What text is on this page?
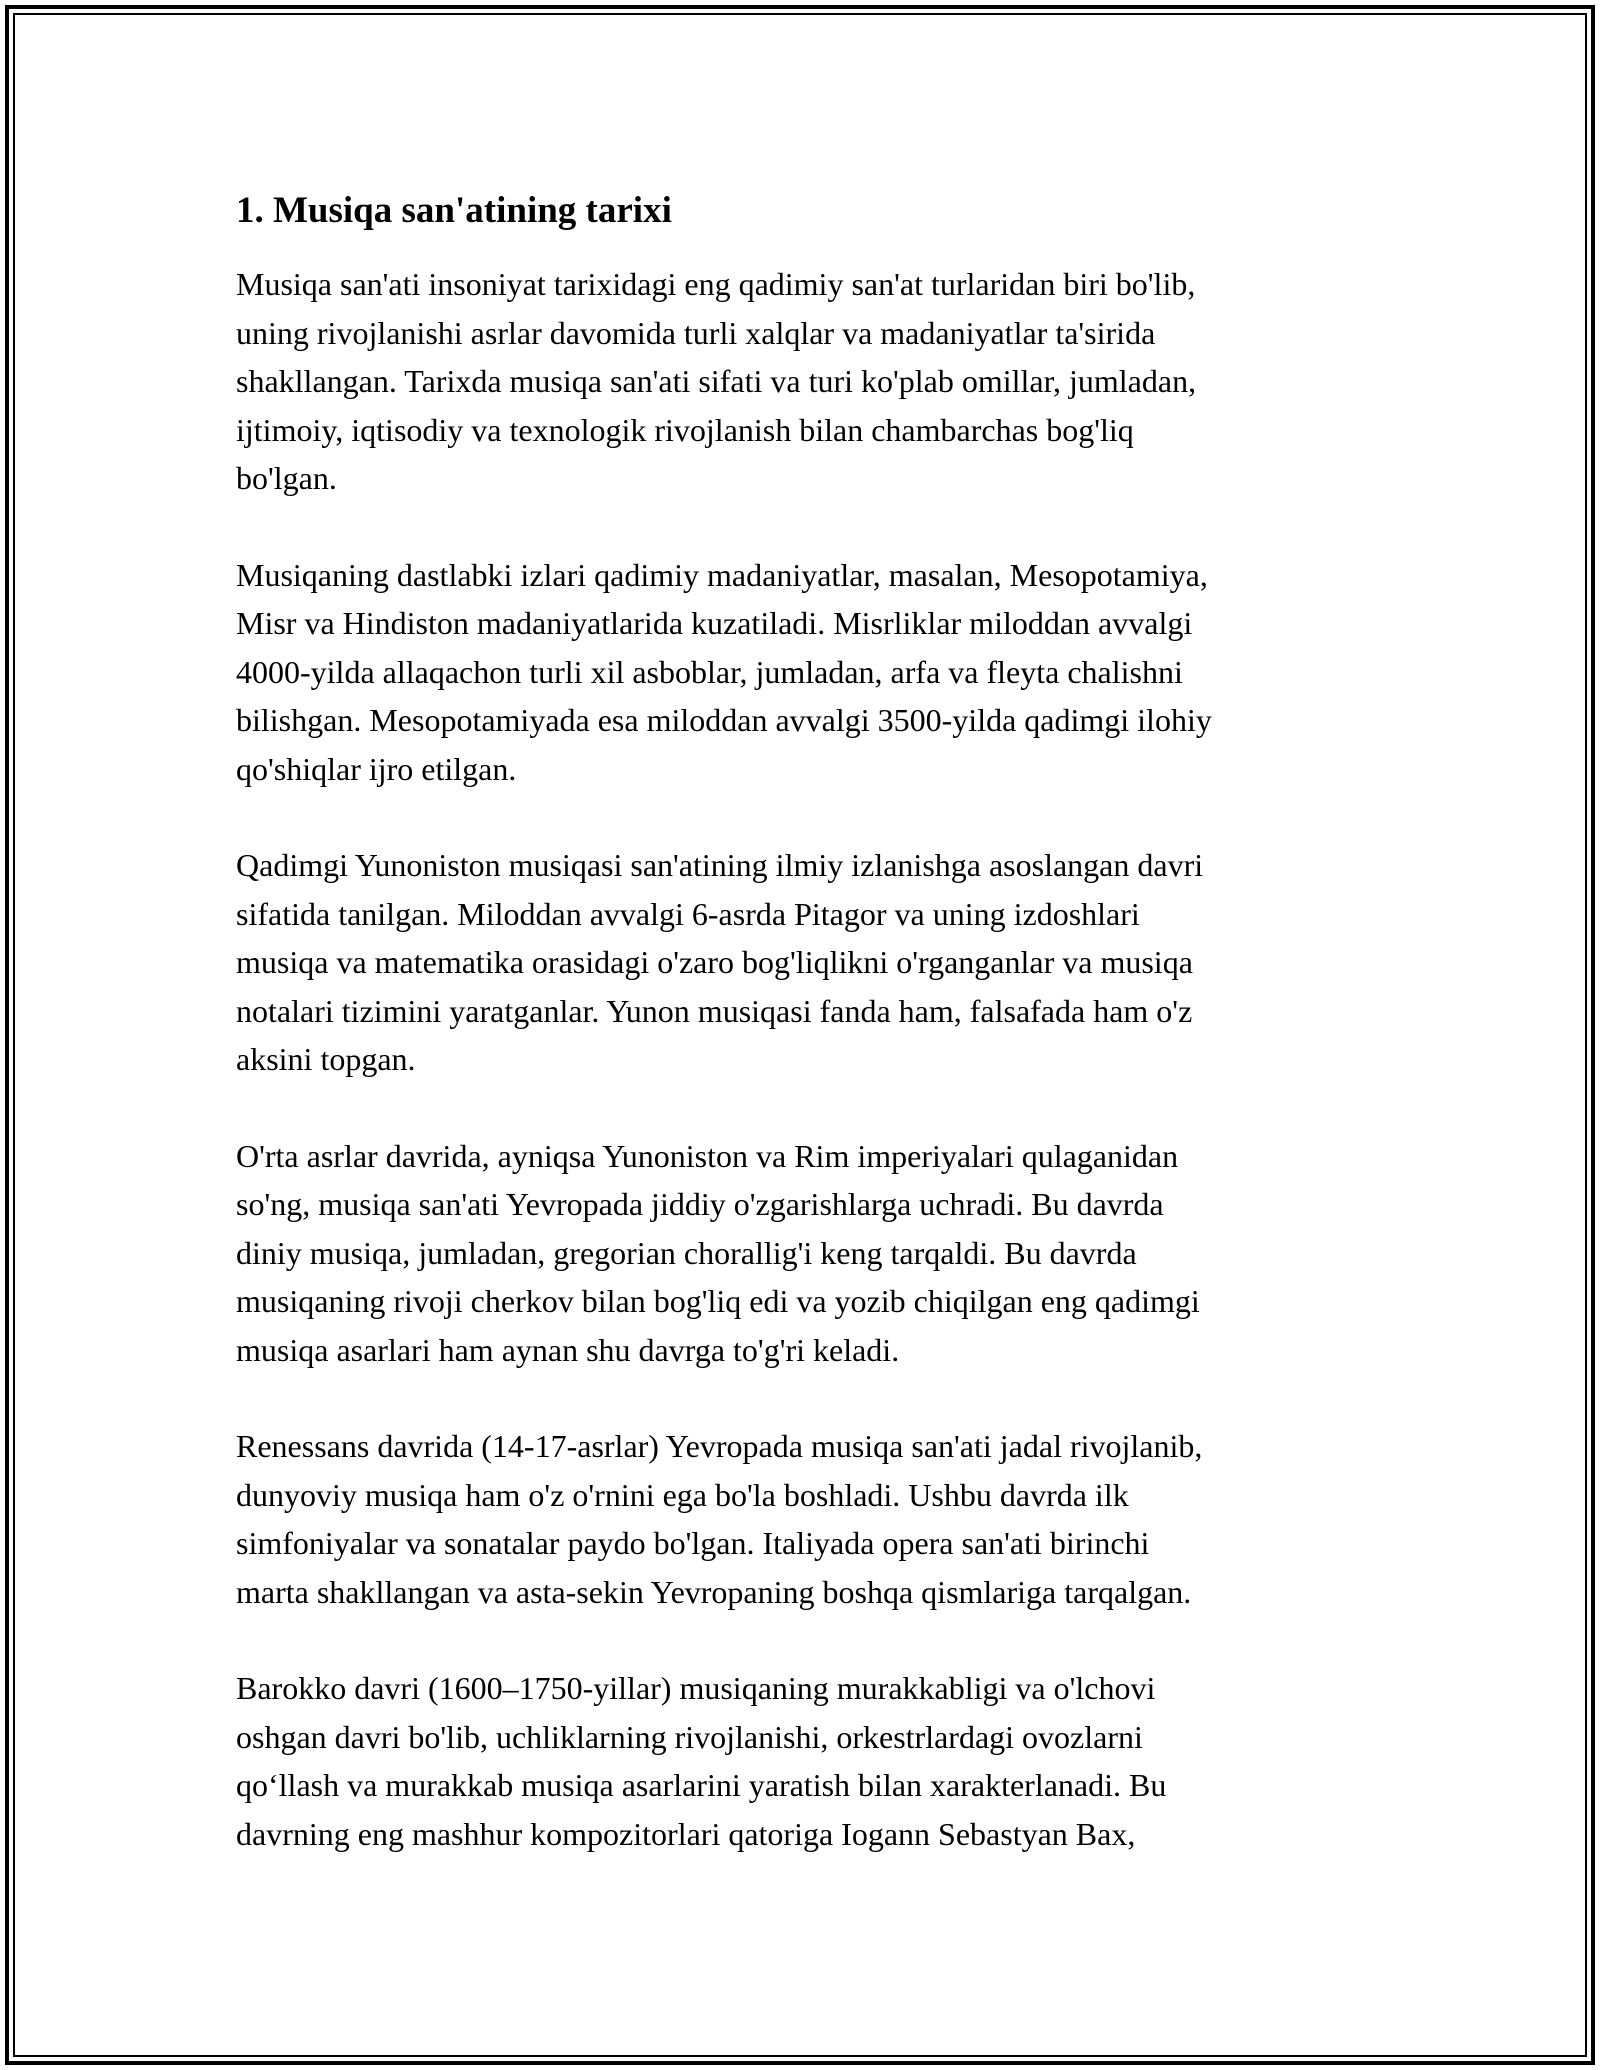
1. Musiqa san'atining tarixi
Musiqa san'ati insoniyat tarixidagi eng qadimiy san'at turlaridan biri bo'lib,
uning rivojlanishi asrlar davomida turli xalqlar va madaniyatlar ta'sirida
shakllangan. Tarixda musiqa san'ati sifati va turi ko'plab omillar, jumladan,
ijtimoiy, iqtisodiy va texnologik rivojlanish bilan chambarchas bog'liq
bo'lgan.
Musiqaning dastlabki izlari qadimiy madaniyatlar, masalan, Mesopotamiya,
Misr va Hindiston madaniyatlarida kuzatiladi. Misrliklar miloddan avvalgi
4000-yilda allaqachon turli xil asboblar, jumladan, arfa va fleyta chalishni
bilishgan. Mesopotamiyada esa miloddan avvalgi 3500-yilda qadimgi ilohiy
qo'shiqlar ijro etilgan.
Qadimgi Yunoniston musiqasi san'atining ilmiy izlanishga asoslangan davri
sifatida tanilgan. Miloddan avvalgi 6-asrda Pitagor va uning izdoshlari
musiqa va matematika orasidagi o'zaro bog'liqlikni o'rganganlar va musiqa
notalari tizimini yaratganlar. Yunon musiqasi fanda ham, falsafada ham o'z
aksini topgan.
O'rta asrlar davrida, ayniqsa Yunoniston va Rim imperiyalari qulaganidan
so'ng, musiqa san'ati Yevropada jiddiy o'zgarishlarga uchradi. Bu davrda
diniy musiqa, jumladan, gregorian chorallig'i keng tarqaldi. Bu davrda
musiqaning rivoji cherkov bilan bog'liq edi va yozib chiqilgan eng qadimgi
musiqa asarlari ham aynan shu davrga to'g'ri keladi.
Renessans davrida (14-17-asrlar) Yevropada musiqa san'ati jadal rivojlanib,
dunyoviy musiqa ham o'z o'rnini ega bo'la boshladi. Ushbu davrda ilk
simfoniyalar va sonatalar paydo bo'lgan. Italiyada opera san'ati birinchi
marta shakllangan va asta-sekin Yevropaning boshqa qismlariga tarqalgan.
Barokko davri (1600–1750-yillar) musiqaning murakkabligi va o'lchovi
oshgan davri bo'lib, uchliklarning rivojlanishi, orkestrlardagi ovozlarni
qo‘llash va murakkab musiqa asarlarini yaratish bilan xarakterlanadi. Bu
davrning eng mashhur kompozitorlari qatoriga Iogann Sebastyan Bax,
